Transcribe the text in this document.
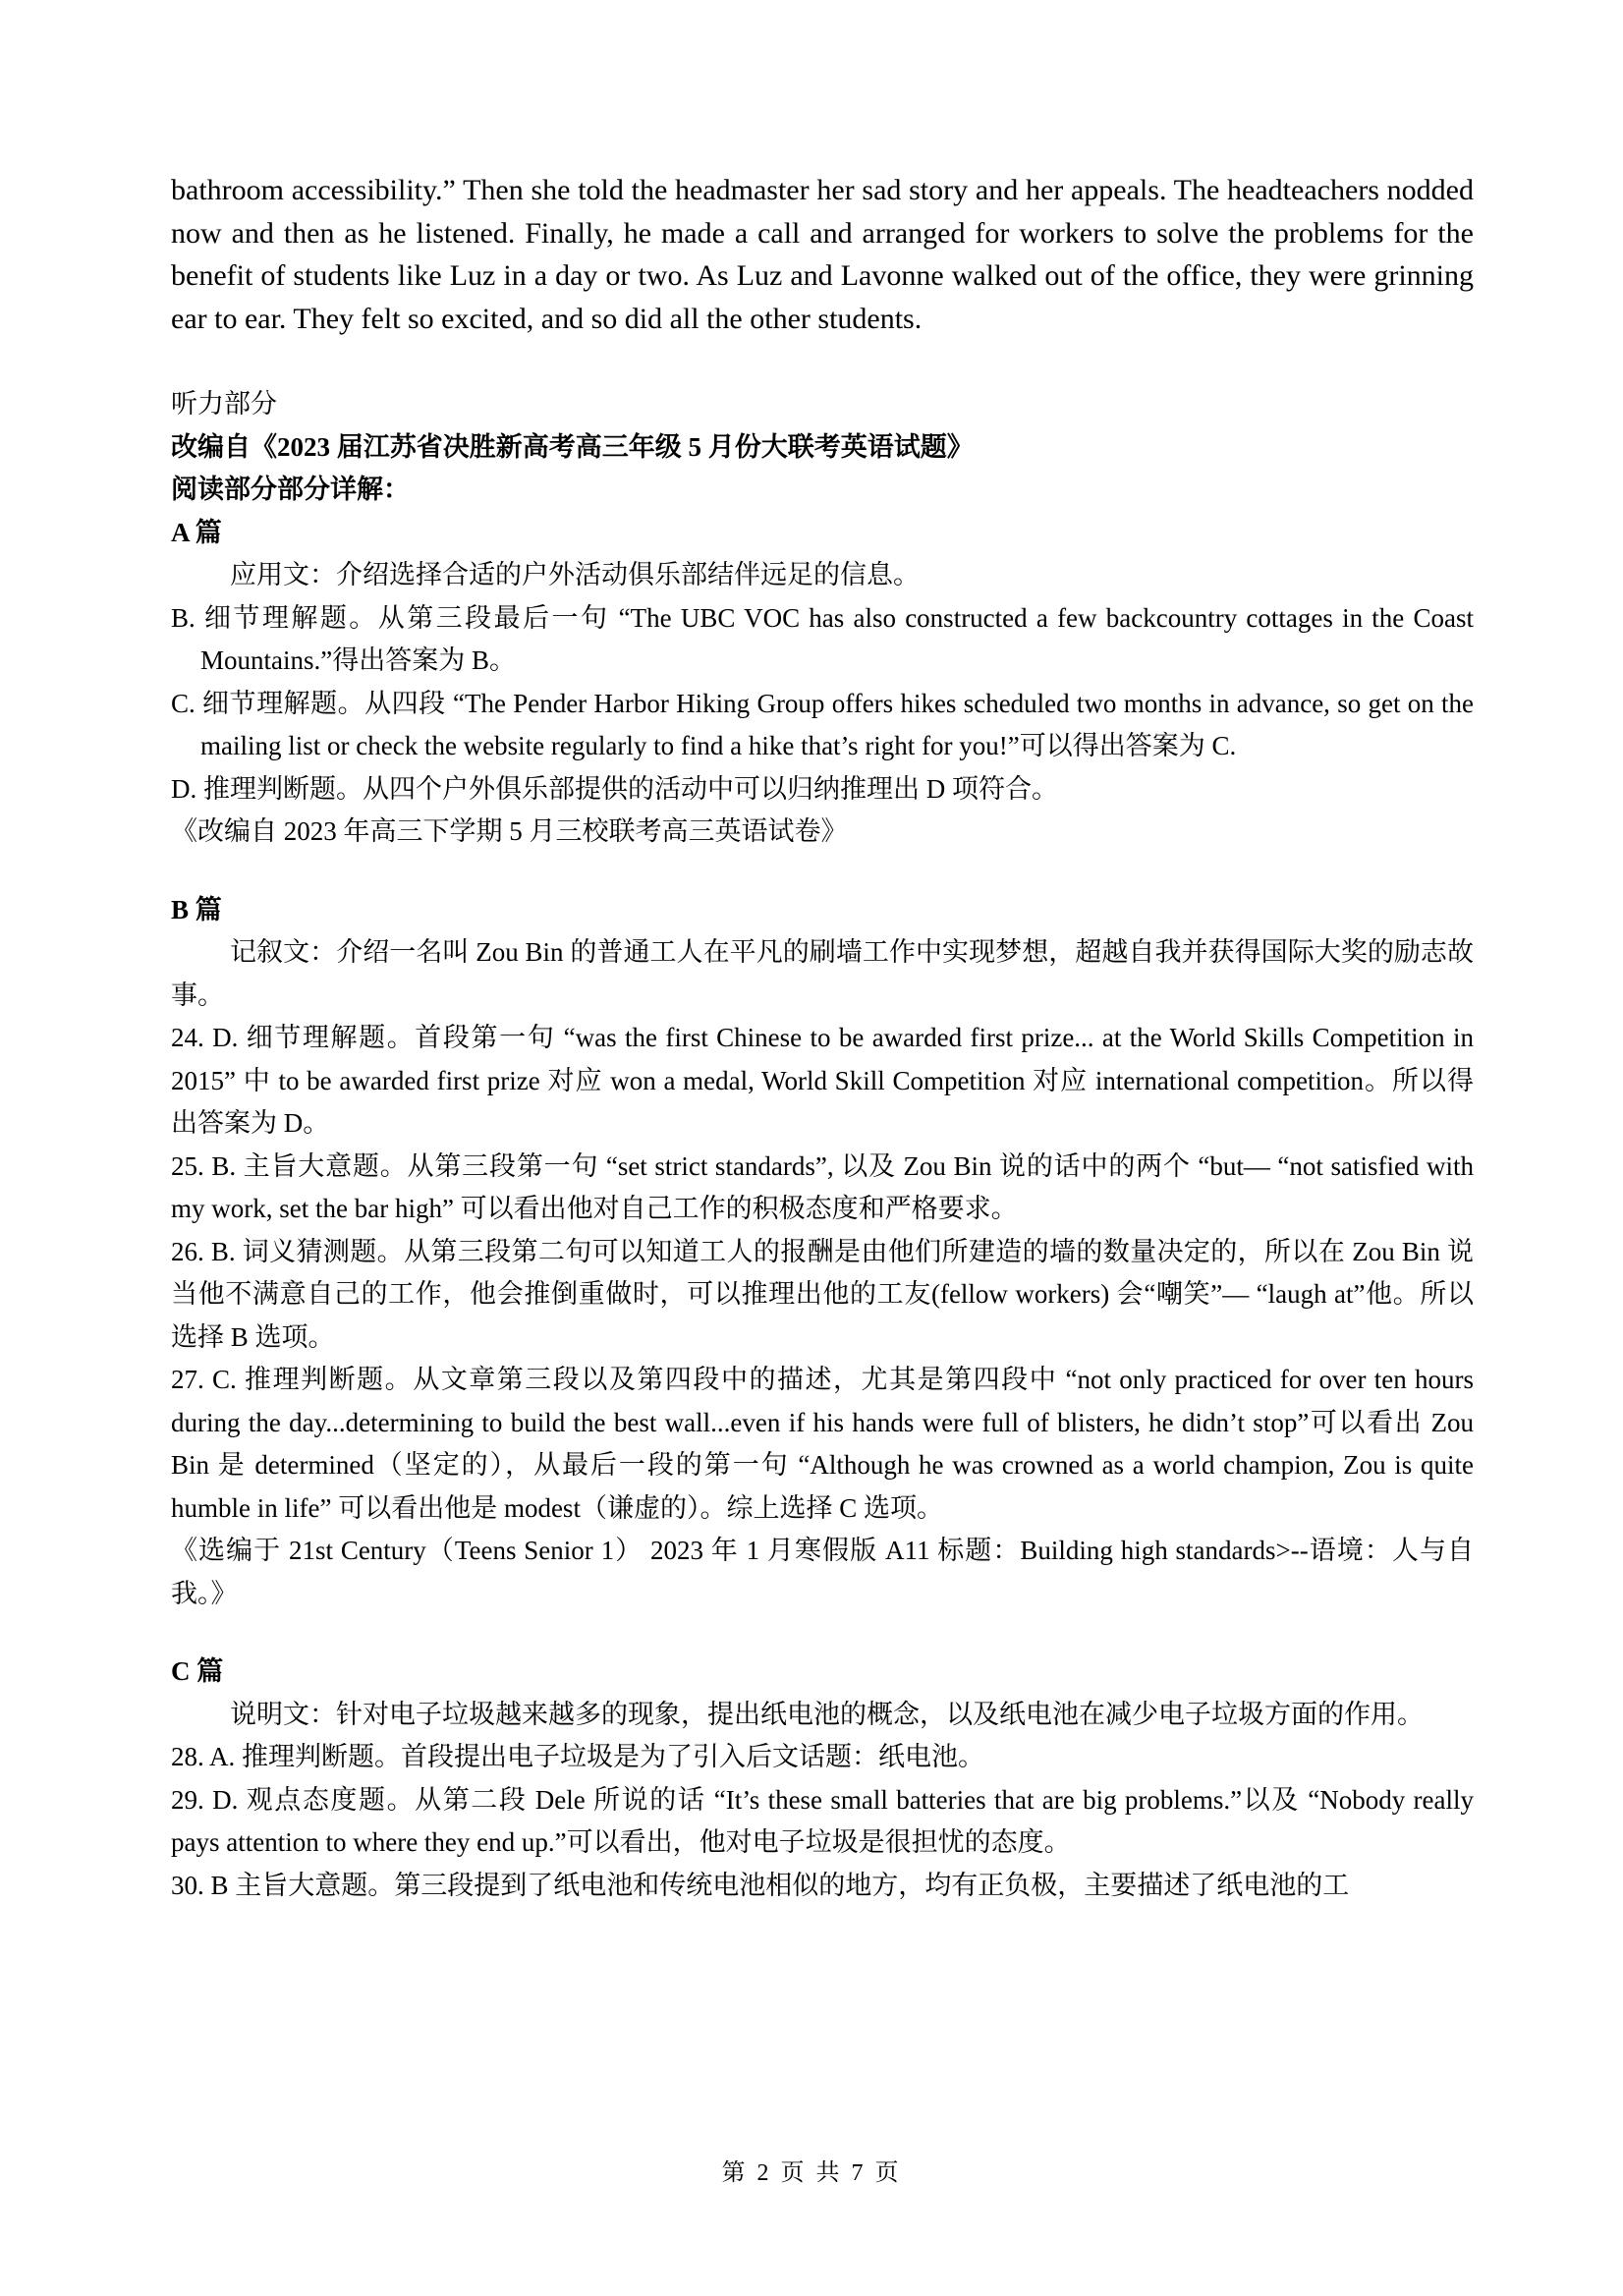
bathroom accessibility.” Then she told the headmaster her sad story and her appeals. The headteachers nodded now and then as he listened. Finally, he made a call and arranged for workers to solve the problems for the benefit of students like Luz in a day or two. As Luz and Lavonne walked out of the office, they were grinning ear to ear. They felt so excited, and so did all the other students.

听力部分

改编自《2023 届江苏省决胜新高考高三年级 5 月份大联考英语试题》

阅读部分部分详解：

A 篇

应用文：介绍选择合适的户外活动俱乐部结伴远足的信息。

B. 细节理解题。从第三段最后一句 “The UBC VOC has also constructed a few backcountry cottages in the Coast Mountains.”得出答案为 B。

C. 细节理解题。从四段 “The Pender Harbor Hiking Group offers hikes scheduled two months in advance, so get on the mailing list or check the website regularly to find a hike that’s right for you!”可以得出答案为 C.

D. 推理判断题。从四个户外俱乐部提供的活动中可以归纳推理出 D 项符合。

《改编自 2023 年高三下学期 5 月三校联考高三英语试卷》

B 篇

记叙文：介绍一名叫 Zou Bin 的普通工人在平凡的刷墙工作中实现梦想，超越自我并获得国际大奖的励志故事。

24. D. 细节理解题。首段第一句 “was the first Chinese to be awarded first prize... at the World Skills Competition in 2015” 中 to be awarded first prize 对应 won a medal, World Skill Competition 对应 international competition。所以得出答案为 D。

25. B. 主旨大意题。从第三段第一句 “set strict standards”, 以及 Zou Bin 说的话中的两个 “but— “not satisfied with my work, set the bar high” 可以看出他对自己工作的积极态度和严格要求。

26. B. 词义猜测题。从第三段第二句可以知道工人的报酬是由他们所建造的墙的数量决定的，所以在 Zou Bin 说当他不满意自己的工作，他会推倒重做时，可以推理出他的工友(fellow workers) 会“嘲笑”— “laugh at”他。所以选择 B 选项。

27. C. 推理判断题。从文章第三段以及第四段中的描述，尤其是第四段中 “not only practiced for over ten hours during the day...determining to build the best wall...even if his hands were full of blisters, he didn’t stop”可以看出 Zou Bin 是 determined（坚定的），从最后一段的第一句 “Although he was crowned as a world champion, Zou is quite humble in life” 可以看出他是 modest（谦虚的）。综上选择 C 选项。

《选编于 21st Century（Teens Senior 1） 2023 年 1 月寒假版 A11 标题：Building high standards>--语境：人与自我。》

C 篇

说明文：针对电子垃圾越来越多的现象，提出纸电池的概念，以及纸电池在减少电子垃圾方面的作用。

28. A. 推理判断题。首段提出电子垃圾是为了引入后文话题：纸电池。

29. D. 观点态度题。从第二段 Dele 所说的话 “It’s these small batteries that are big problems.”以及 “Nobody really pays attention to where they end up.”可以看出，他对电子垃圾是很担忧的态度。

30. B 主旨大意题。第三段提到了纸电池和传统电池相似的地方，均有正负极，主要描述了纸电池的工

第 2 页 共 7 页
